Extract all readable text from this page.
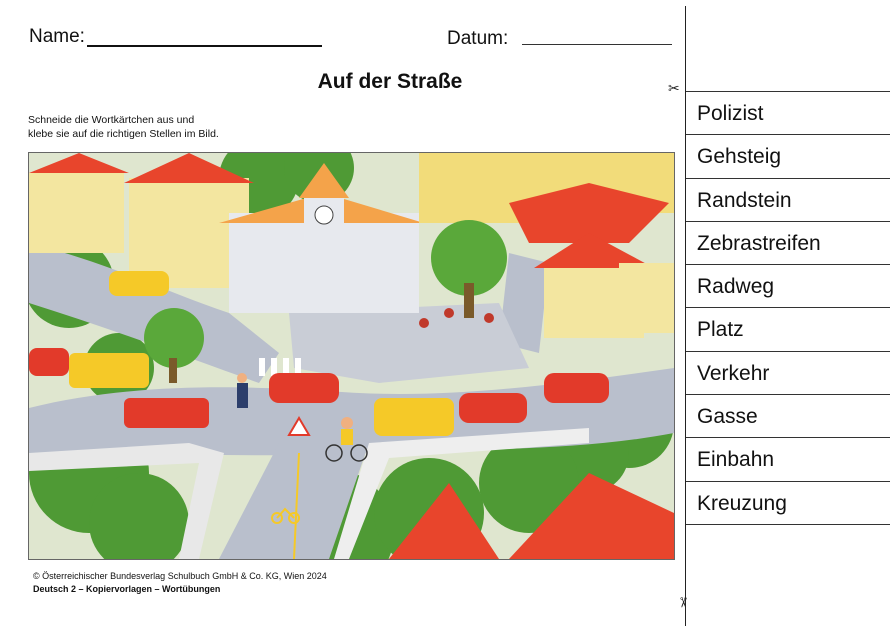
Name:	Datum:
Auf der Straße
Schneide die Wortkärtchen aus und
klebe sie auf die richtigen Stellen im Bild.
© Österreichischer Bundesverlag Schulbuch GmbH & Co. KG, Wien 2024
Deutsch 2 – Kopiervorlagen – Wortübungen
✂
✂
Polizist
Gehsteig
Randstein
Zebrastreifen
Radweg
Platz
Verkehr
Gasse
Einbahn
Kreuzung
